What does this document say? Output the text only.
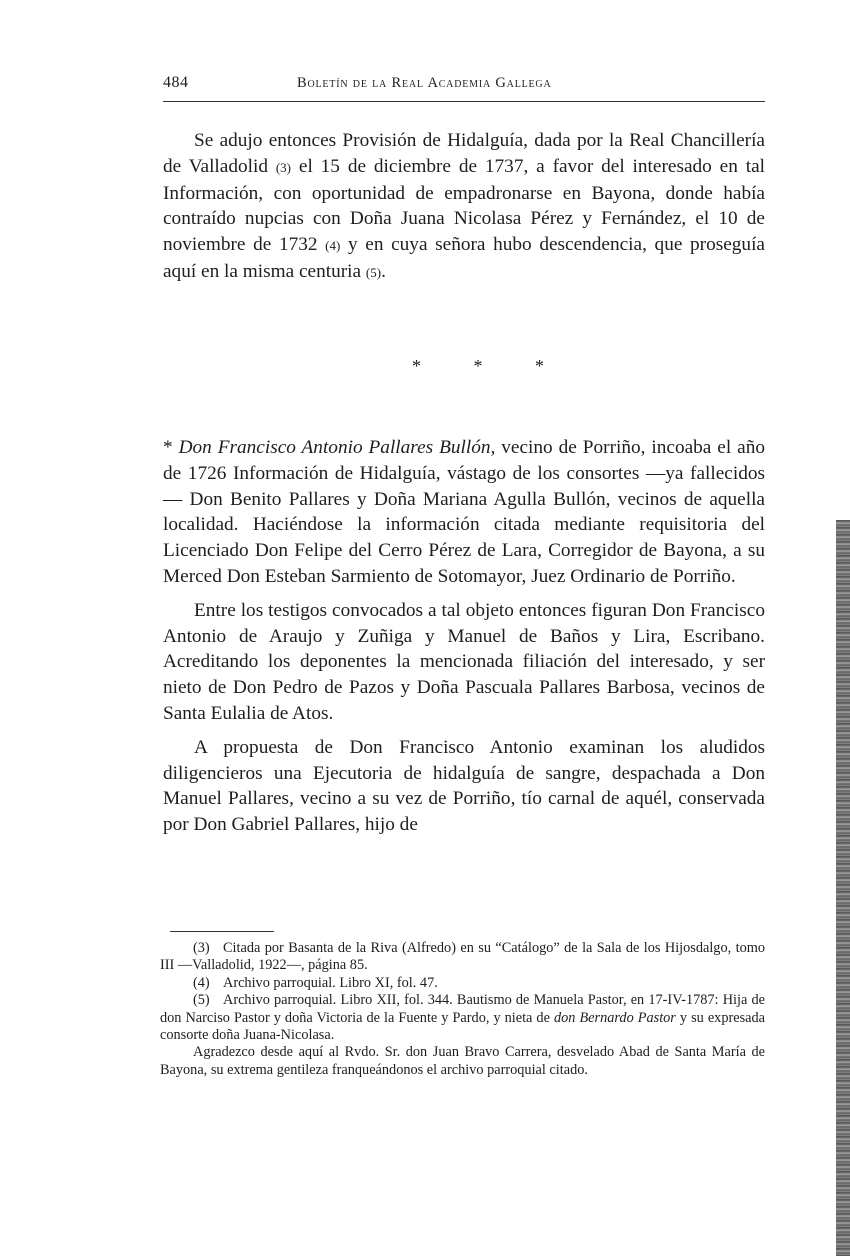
484	Boletín de la Real Academia Gallega

Se adujo entonces Provisión de Hidalguía, dada por la Real Chancillería de Valladolid (3) el 15 de diciembre de 1737, a favor del interesado en tal Información, con oportunidad de empadronarse en Bayona, donde había contraído nupcias con Doña Juana Nicolasa Pérez y Fernández, el 10 de noviembre de 1732 (4) y en cuya señora hubo descendencia, que proseguía aquí en la misma centuria (5).

* * *

* Don Francisco Antonio Pallares Bullón, vecino de Porriño, incoaba el año de 1726 Información de Hidalguía, vástago de los consortes —ya fallecidos— Don Benito Pallares y Doña Mariana Agulla Bullón, vecinos de aquella localidad. Haciéndose la información citada mediante requisitoria del Licenciado Don Felipe del Cerro Pérez de Lara, Corregidor de Bayona, a su Merced Don Esteban Sarmiento de Sotomayor, Juez Ordinario de Porriño.

Entre los testigos convocados a tal objeto entonces figuran Don Francisco Antonio de Araujo y Zuñiga y Manuel de Baños y Lira, Escribano. Acreditando los deponentes la mencionada filiación del interesado, y ser nieto de Don Pedro de Pazos y Doña Pascuala Pallares Barbosa, vecinos de Santa Eulalia de Atos.

A propuesta de Don Francisco Antonio examinan los aludidos diligencieros una Ejecutoria de hidalguía de sangre, despachada a Don Manuel Pallares, vecino a su vez de Porriño, tío carnal de aquél, conservada por Don Gabriel Pallares, hijo de

(3) Citada por Basanta de la Riva (Alfredo) en su “Catálogo” de la Sala de los Hijosdalgo, tomo III —Valladolid, 1922—, página 85.

(4) Archivo parroquial. Libro XI, fol. 47.

(5) Archivo parroquial. Libro XII, fol. 344. Bautismo de Manuela Pastor, en 17-IV-1787: Hija de don Narciso Pastor y doña Victoria de la Fuente y Pardo, y nieta de don Bernardo Pastor y su expresada consorte doña Juana-Nicolasa.

Agradezco desde aquí al Rvdo. Sr. don Juan Bravo Carrera, desvelado Abad de Santa María de Bayona, su extrema gentileza franqueándonos el archivo parroquial citado.
